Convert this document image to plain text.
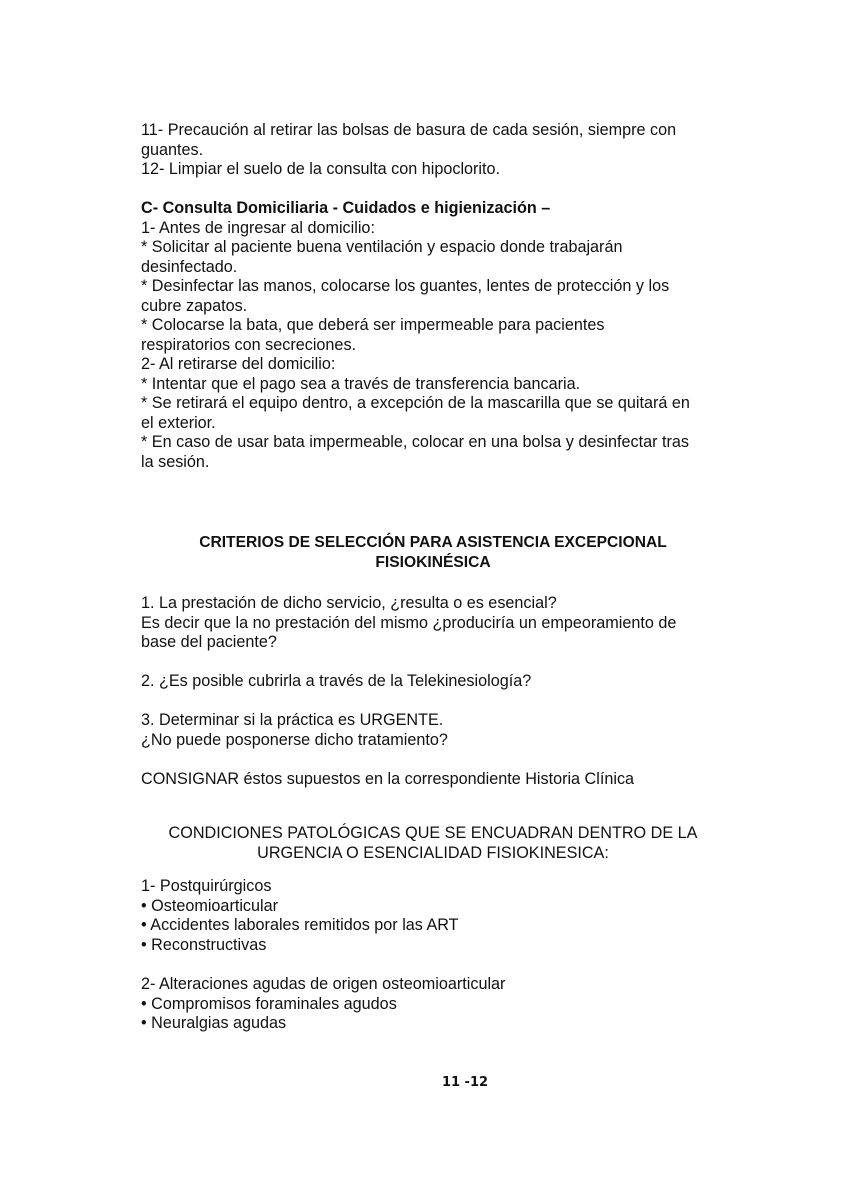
11- Precaución al retirar las bolsas de basura de cada sesión, siempre con
guantes.
12- Limpiar el suelo de la consulta con hipoclorito.
C- Consulta Domiciliaria - Cuidados e higienización –
1- Antes de ingresar al domicilio:
* Solicitar al paciente buena ventilación y espacio donde trabajarán
desinfectado.
* Desinfectar las manos, colocarse los guantes, lentes de protección y los
cubre zapatos.
* Colocarse la bata, que deberá ser impermeable para pacientes
respiratorios con secreciones.
2- Al retirarse del domicilio:
* Intentar que el pago sea a través de transferencia bancaria.
* Se retirará el equipo dentro, a excepción de la mascarilla que se quitará en
el exterior.
* En caso de usar bata impermeable, colocar en una bolsa y desinfectar tras
la sesión.
CRITERIOS DE SELECCIÓN PARA ASISTENCIA EXCEPCIONAL
FISIOKINÉSICA
1. La prestación de dicho servicio, ¿resulta o es esencial?
Es decir que la no prestación del mismo ¿produciría un empeoramiento de
base del paciente?
2. ¿Es posible cubrirla a través de la Telekinesiología?
3. Determinar si la práctica es URGENTE.
¿No puede posponerse dicho tratamiento?
CONSIGNAR éstos supuestos en la correspondiente Historia Clínica
CONDICIONES PATOLÓGICAS QUE SE ENCUADRAN DENTRO DE LA
URGENCIA O ESENCIALIDAD FISIOKINESICA:
1- Postquirúrgicos
• Osteomioarticular
• Accidentes laborales remitidos por las ART
• Reconstructivas
2- Alteraciones agudas de origen osteomioarticular
• Compromisos foraminales agudos
• Neuralgias agudas
11 -12
